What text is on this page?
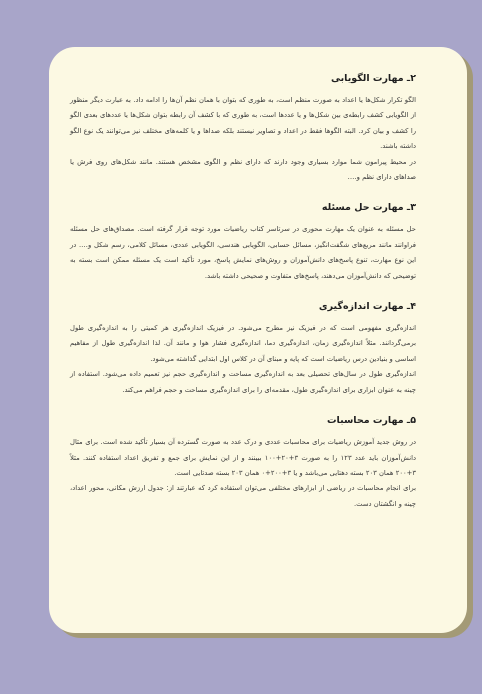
۲ـ مهارت الگویابی

الگو تکرار شکل‌ها یا اعداد به صورت منظم است، به طوری که بتوان با همان نظم آن‌ها را ادامه داد. به عبارت دیگر منظور از الگویابی کشف رابطه‌ی بین شکل‌ها و یا عددها است، به طوری که با کشف آن رابطه بتوان شکل‌ها یا عددهای بعدی الگو را کشف و بیان کرد. البته الگوها فقط در اعداد و تصاویر نیستند بلکه صداها و یا کلمه‌های مختلف نیز می‌توانند یک نوع الگو داشته باشند.

در محیط پیرامون شما موارد بسیاری وجود دارند که دارای نظم و الگوی مشخص هستند. مانند شکل‌های روی فرش یا صداهای دارای نظم و….

۳ـ مهارت حل مسئله

حل مسئله به عنوان یک مهارت محوری در سرتاسر کتاب ریاضیات مورد توجه قرار گرفته است. مصداق‌های حل مسئله فراوانند مانند مربع‌های شگفت‌انگیز، مسائل حسابی، الگویابی هندسی، الگویابی عددی، مسائل کلامی، رسم شکل و…. در این نوع مهارت، تنوع پاسخ‌های دانش‌آموزان و روش‌های نمایش پاسخ، مورد تأکید است یک مسئله ممکن است بسته به توضیحی که دانش‌آموزان می‌دهند، پاسخ‌های متفاوت و صحیحی داشته باشد.

۴ـ مهارت اندازه‌گیری

اندازه‌گیری مفهومی است که در فیزیک نیز مطرح می‌شود. در فیزیک اندازه‌گیری هر کمیتی را به اندازه‌گیری طول برمی‌گردانند. مثلاً اندازه‌گیری زمان، اندازه‌گیری دما، اندازه‌گیری فشار هوا و مانند آن. لذا اندازه‌گیری طول از مفاهیم اساسی و بنیادین درس ریاضیات است که پایه و مبنای آن در کلاس اول ابتدایی گذاشته می‌شود.

اندازه‌گیری طول در سال‌های تحصیلی بعد به اندازه‌گیری مساحت و اندازه‌گیری حجم نیز تعمیم داده می‌شود. استفاده از چینه به عنوان ابزاری برای اندازه‌گیری طول، مقدمه‌ای را برای اندازه‌گیری مساحت و حجم فراهم می‌کند.

۵ـ مهارت محاسبات

در روش جدید آموزش ریاضیات برای محاسبات عددی و درک عدد به صورت گسترده آن بسیار تأکید شده است. برای مثال دانش‌آموزان باید عدد ۱۲۳ را به صورت ۳+۲۰+۱۰۰ ببینند و از این نمایش برای جمع و تفریق اعداد استفاده کنند. مثلاً ۳+۲۰۰ همان ۲۰۳ بسته دهتایی می‌باشد و یا ۳+۲۰۰+۰ همان ۲۰۳ بسته صدتایی است.

برای انجام محاسبات در ریاضی از ابزارهای مختلفی می‌توان استفاده کرد که عبارتند از: جدول ارزش مکانی، محور اعداد، چینه و انگشتان دست.
